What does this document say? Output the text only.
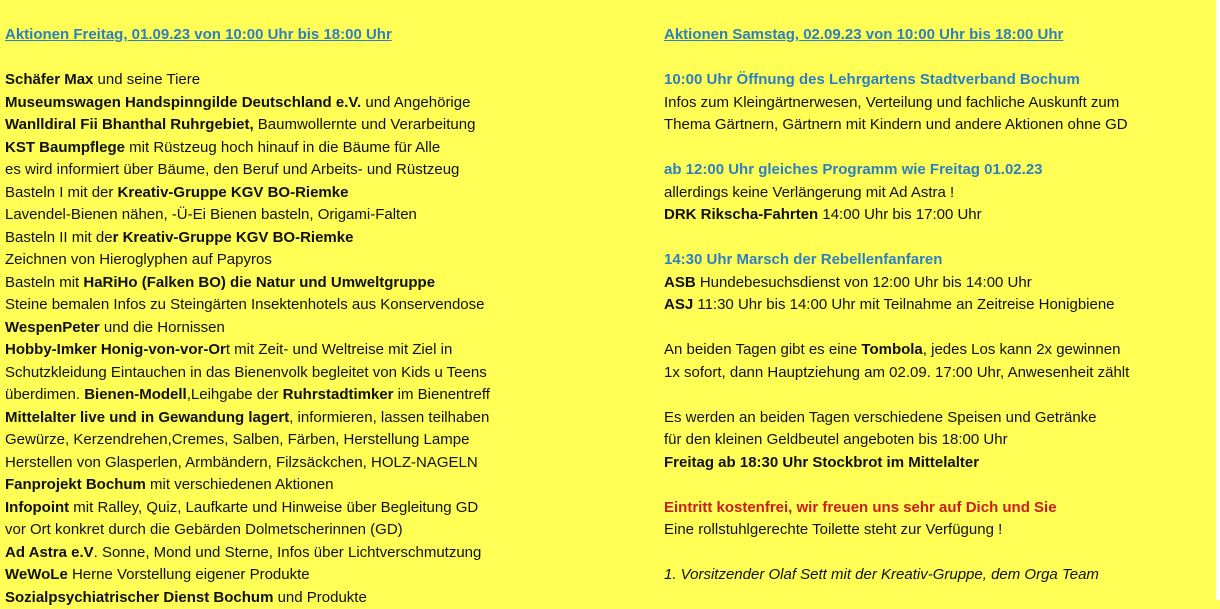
Aktionen Freitag, 01.09.23 von 10:00 Uhr bis 18:00 Uhr
Schäfer Max und seine Tiere
Museumswagen Handspinngilde Deutschland e.V. und Angehörige
Wanlldiral Fii Bhanthal Ruhrgebiet, Baumwollernte und Verarbeitung
KST Baumpflege mit Rüstzeug hoch hinauf in die Bäume für Alle
es wird informiert über Bäume, den Beruf und Arbeits- und Rüstzeug
Basteln I mit der Kreativ-Gruppe KGV BO-Riemke
Lavendel-Bienen nähen, -Ü-Ei Bienen basteln, Origami-Falten
Basteln II mit der Kreativ-Gruppe KGV BO-Riemke
Zeichnen von Hieroglyphen auf Papyros
Basteln mit HaRiHo (Falken BO) die Natur und Umweltgruppe
Steine bemalen Infos zu Steingärten Insektenhotels aus Konservendose
WespenPeter und die Hornissen
Hobby-Imker Honig-von-vor-Ort mit Zeit- und Weltreise mit Ziel in
Schutzkleidung Eintauchen in das Bienenvolk begleitet von Kids u Teens
überdimen. Bienen-Modell,Leihgabe der Ruhrstadtimker im Bienentreff
Mittelalter live und in Gewandung lagert, informieren, lassen teilhaben
Gewürze, Kerzendrehen,Cremes, Salben, Färben, Herstellung Lampe
Herstellen von Glasperlen, Armbändern, Filzsäckchen, HOLZ-NAGELN
Fanprojekt Bochum mit verschiedenen Aktionen
Infopoint mit Ralley, Quiz, Laufkarte und Hinweise über Begleitung GD
vor Ort konkret durch die Gebärden Dolmetscherinnen (GD)
Ad Astra e.V. Sonne, Mond und Sterne, Infos über Lichtverschmutzung
WeWoLe Herne Vorstellung eigener Produkte
Sozialpsychiatrischer Dienst Bochum und Produkte
Aktionen Samstag, 02.09.23 von 10:00 Uhr bis 18:00 Uhr
10:00 Uhr Öffnung des Lehrgartens Stadtverband Bochum
Infos zum Kleingärtnerwesen, Verteilung und fachliche Auskunft zum
Thema Gärtnern, Gärtnern mit Kindern und andere Aktionen ohne GD
ab 12:00 Uhr gleiches Programm wie Freitag 01.02.23
allerdings keine Verlängerung mit Ad Astra !
DRK Rikscha-Fahrten 14:00 Uhr bis 17:00 Uhr
14:30 Uhr Marsch der Rebellenfanfaren
ASB Hundebesuchsdienst von 12:00 Uhr bis 14:00 Uhr
ASJ 11:30 Uhr bis 14:00 Uhr mit Teilnahme an Zeitreise Honigbiene
An beiden Tagen gibt es eine Tombola, jedes Los kann 2x gewinnen
1x sofort, dann Hauptziehung am 02.09. 17:00 Uhr, Anwesenheit zählt
Es werden an beiden Tagen verschiedene Speisen und Getränke
für den kleinen Geldbeutel angeboten bis 18:00 Uhr
Freitag ab 18:30 Uhr Stockbrot im Mittelalter
Eintritt kostenfrei, wir freuen uns sehr auf Dich und Sie
Eine rollstuhlgerechte Toilette steht zur Verfügung !
1. Vorsitzender Olaf Sett mit der Kreativ-Gruppe, dem Orga Team
